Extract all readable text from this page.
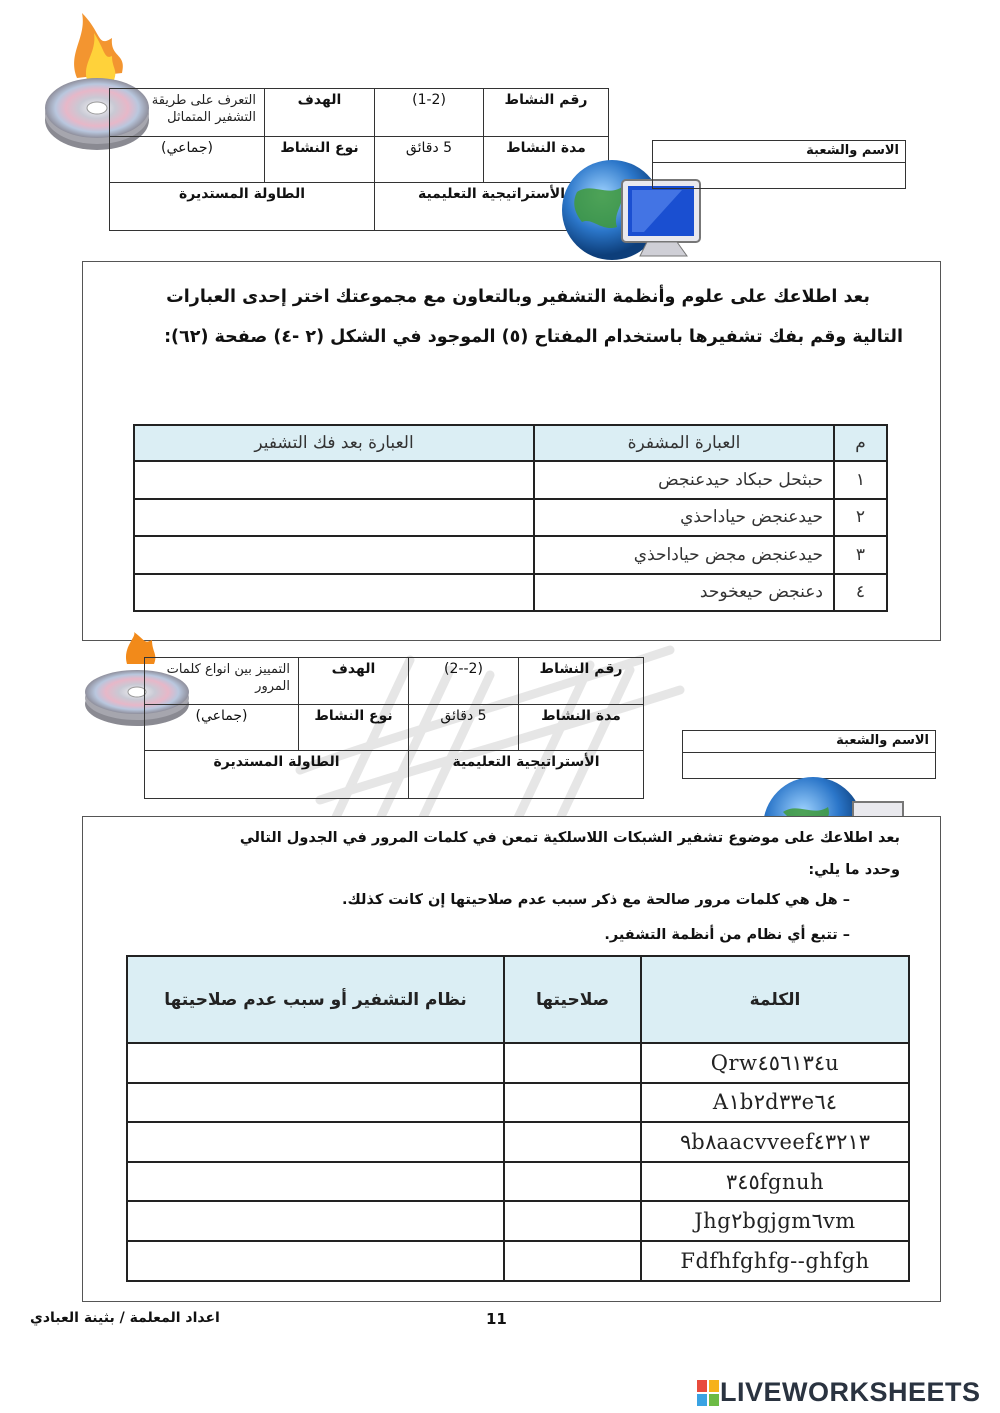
رقم النشاط	(1-2)	الهدف	التعرف على طريقة التشفير المتماثل
مدة النشاط	5 دقائق	نوع النشاط	(جماعي)
الأستراتيجية التعليمية		الطاولة المستديرة	
الاسم والشعبة
بعد اطلاعك على علوم وأنظمة التشفير وبالتعاون مع مجموعتك اختر إحدى العبارات
التالية وقم بفك تشفيرها باستخدام المفتاح (٥) الموجود في الشكل (٢ -٤) صفحة (٦٢):
م	العبارة المشفرة	العبارة بعد فك التشفير
١	حبثحل حبكاد حيدعنجض	
٢	حيدعنجض حياداحذي	
٣	حيدعنجض مجض حياداحذي	
٤	دعنجض حيعخوحد	
رقم النشاط	(2--2)	الهدف	التمييز بين انواع كلمات المرور
مدة النشاط	5 دقائق	نوع النشاط	(جماعي)
الأستراتيجية التعليمية		الطاولة المستديرة	
الاسم والشعبة
بعد اطلاعك على موضوع تشفير الشبكات اللاسلكية تمعن في كلمات المرور في الجدول التالي
وحدد ما يلي:
– هل هي كلمات مرور صالحة مع ذكر سبب عدم صلاحيتها إن كانت كذلك.
– تتبع أي نظام من أنظمة التشفير.
الكلمة	صلاحيتها	نظام التشفير أو سبب عدم صلاحيتها
Qrw٤٥٦١٣٤u		
A١b٢d٣٣e٦٤		
٩b٨aacvveef٤٣٢١٣		
٣٤٥fgnuh		
Jhg٢bgjgm٦vm		
Fdfhfghfg--ghfgh		
اعداد المعلمة / بثينة العبادي	11
LIVEWORKSHEETS
